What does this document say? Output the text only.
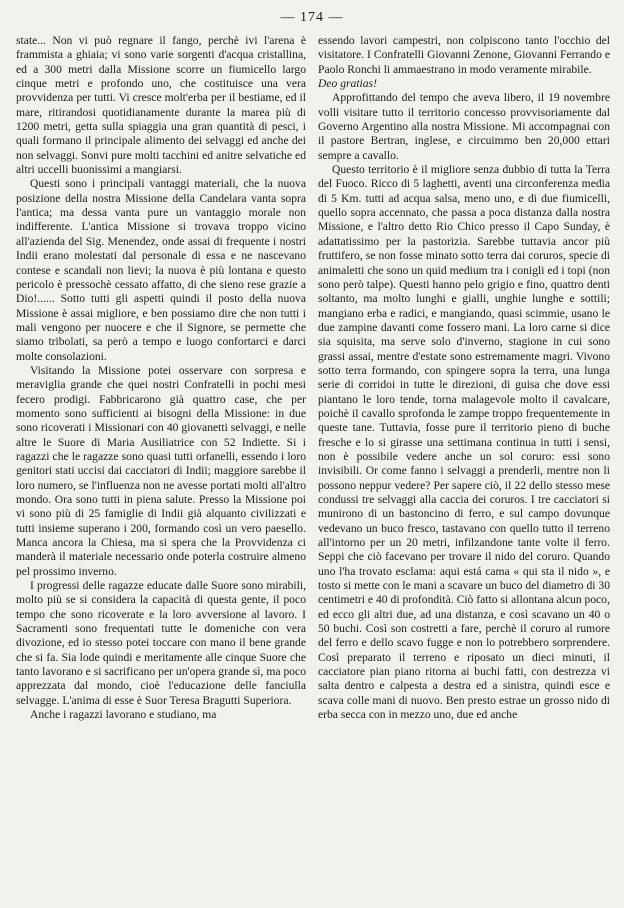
— 174 —

state... Non vi può regnare il fango, perchè ivi l'arena è frammista a ghiaia; vi sono varie sorgenti d'acqua cristallina, ed a 300 metri dalla Missione scorre un fiumicello largo cinque metri e profondo uno, che costituisce una vera provvidenza per tutti. Vi cresce molt'erba per il bestiame, ed il mare, ritirandosi quotidianamente durante la marea più di 1200 metri, getta sulla spiaggia una gran quantità di pesci, i quali formano il principale alimento dei selvaggi ed anche dei non selvaggi. Sonvi pure molti tacchini ed anitre selvatiche ed altri uccelli buonissimi a mangiarsi.

Questi sono i principali vantaggi materiali, che la nuova posizione della nostra Missione della Candelara vanta sopra l'antica; ma dessa vanta pure un vantaggio morale non indifferente. L'antica Missione si trovava troppo vicino all'azienda del Sig. Menendez, onde assai di frequente i nostri Indii erano molestati dal personale di essa e ne nascevano contese e scandali non lievi; la nuova è più lontana e questo pericolo è pressochè cessato affatto, di che sieno rese grazie a Dio!...... Sotto tutti gli aspetti quindi il posto della nuova Missione è assai migliore, e ben possiamo dire che non tutti i mali vengono per nuocere e che il Signore, se permette che siamo tribolati, sa però a tempo e luogo confortarci e darci molte consolazioni.

Visitando la Missione potei osservare con sorpresa e meraviglia grande che quei nostri Confratelli in pochi mesi fecero prodigi. Fabbricarono già quattro case, che per momento sono sufficienti ai bisogni della Missione: in due sono ricoverati i Missionari con 40 giovanetti selvaggi, e nelle altre le Suore di Maria Ausiliatrice con 52 Indiette. Si i ragazzi che le ragazze sono quasi tutti orfanelli, essendo i loro genitori stati uccisi dai cacciatori di Indii; maggiore sarebbe il loro numero, se l'influenza non ne avesse portati molti all'altro mondo. Ora sono tutti in piena salute. Presso la Missione poi vi sono più di 25 famiglie di Indii già alquanto civilizzati e tutti insieme superano i 200, formando così un vero paesello. Manca ancora la Chiesa, ma si spera che la Provvidenza ci manderà il materiale necessario onde poterla costruire almeno pel prossimo inverno.

I progressi delle ragazze educate dalle Suore sono mirabili, molto più se si considera la capacità di questa gente, il poco tempo che sono ricoverate e la loro avversione al lavoro. I Sacramenti sono frequentati tutte le domeniche con vera divozione, ed io stesso potei toccare con mano il bene grande che si fa. Sia lode quindi e meritamente alle cinque Suore che tanto lavorano e si sacrificano per un'opera grande sì, ma poco apprezzata dal mondo, cioè l'educazione delle fanciulla selvagge. L'anima di esse è Suor Teresa Bragutti Superiora.

Anche i ragazzi lavorano e studiano, ma

essendo lavori campestri, non colpiscono tanto l'occhio del visitatore. I Confratelli Giovanni Zenone, Giovanni Ferrando e Paolo Ronchi li ammaestrano in modo veramente mirabile.

Deo gratias!

Approfittando del tempo che aveva libero, il 19 novembre volli visitare tutto il territorio concesso provvisoriamente dal Governo Argentino alla nostra Missione. Mi accompagnai con il pastore Bertran, inglese, e circuimmo ben 20,000 ettari sempre a cavallo.

Questo territorio è il migliore senza dubbio di tutta la Terra del Fuoco. Ricco di 5 laghetti, aventi una circonferenza media di 5 Km. tutti ad acqua salsa, meno uno, e di due fiumicelli, quello sopra accennato, che passa a poca distanza dalla nostra Missione, e l'altro detto Rio Chico presso il Capo Sunday, è adattatissimo per la pastorizia. Sarebbe tuttavia ancor più fruttifero, se non fosse minato sotto terra dai coruros, specie di animaletti che sono un quid medium tra i conigli ed i topi (non sono però talpe). Questi hanno pelo grigio e fino, quattro denti soltanto, ma molto lunghi e gialli, unghie lunghe e sottili; mangiano erba e radici, e mangiando, quasi scimmie, usano le due zampine davanti come fossero mani. La loro carne si dice sia squisita, ma serve solo d'inverno, stagione in cui sono grassi assai, mentre d'estate sono estremamente magri. Vivono sotto terra formando, con spingere sopra la terra, una lunga serie di corridoi in tutte le direzioni, di guisa che dove essi piantano le loro tende, torna malagevole molto il cavalcare, poichè il cavallo sprofonda le zampe troppo frequentemente in queste tane. Tuttavia, fosse pure il territorio pieno di buche fresche e lo si girasse una settimana continua in tutti i sensi, non è possibile vedere anche un sol coruro: essi sono invisibili. Or come fanno i selvaggi a prenderli, mentre non li possono neppur vedere? Per sapere ciò, il 22 dello stesso mese condussi tre selvaggi alla caccia dei coruros. I tre cacciatori si munirono di un bastoncino di ferro, e sul campo dovunque vedevano un buco fresco, tastavano con quello tutto il terreno all'intorno per un 20 metri, infilzandone tante volte il ferro. Seppi che ciò facevano per trovare il nido del coruro. Quando uno l'ha trovato esclama: aqui está cama « qui sta il nido », e tosto si mette con le mani a scavare un buco del diametro di 30 centimetri e 40 di profondità. Ciò fatto si allontana alcun poco, ed ecco gli altri due, ad una distanza, e così scavano un 40 o 50 buchi. Così son costretti a fare, perchè il coruro al rumore del ferro e dello scavo fugge e non lo potrebbero sorprendere. Così preparato il terreno e riposato un dieci minuti, il cacciatore pian piano ritorna ai buchi fatti, con destrezza vi salta dentro e calpesta a destra ed a sinistra, quindi esce e scava colle mani di nuovo. Ben presto estrae un grosso nido di erba secca con in mezzo uno, due ed anche
